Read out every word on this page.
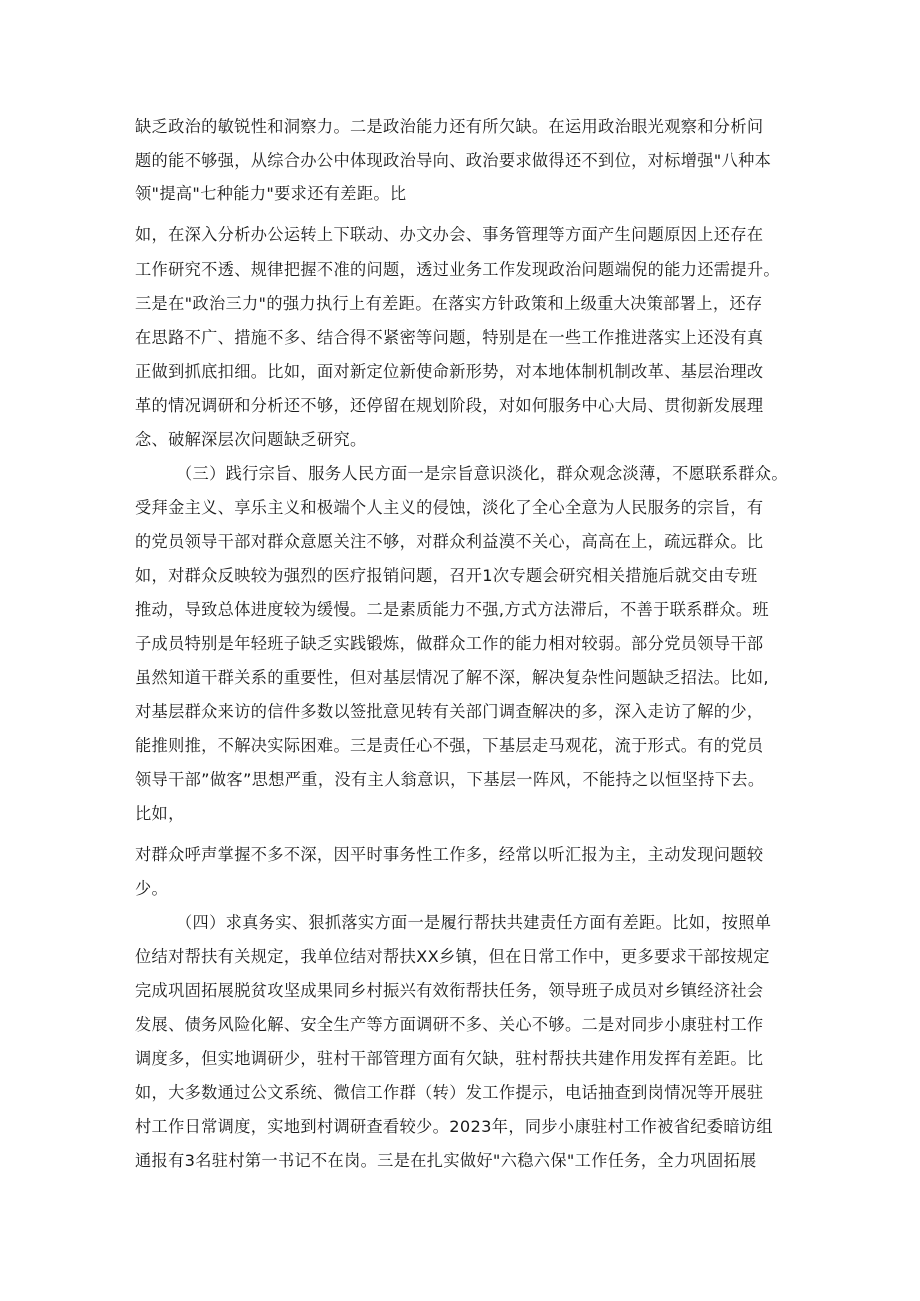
缺乏政治的敏锐性和洞察力。二是政治能力还有所欠缺。在运用政治眼光观察和分析问
题的能不够强，从综合办公中体现政治导向、政治要求做得还不到位，对标增强"八种本
领"提高"七种能力"要求还有差距。比
如，在深入分析办公运转上下联动、办文办会、事务管理等方面产生问题原因上还存在
工作研究不透、规律把握不准的问题，透过业务工作发现政治问题端倪的能力还需提升。
三是在"政治三力"的强力执行上有差距。在落实方针政策和上级重大决策部署上，还存
在思路不广、措施不多、结合得不紧密等问题，特别是在一些工作推进落实上还没有真
正做到抓底扣细。比如，面对新定位新使命新形势，对本地体制机制改革、基层治理改
革的情况调研和分析还不够，还停留在规划阶段，对如何服务中心大局、贯彻新发展理
念、破解深层次问题缺乏研究。
（三）践行宗旨、服务人民方面一是宗旨意识淡化，群众观念淡薄，不愿联系群众。
受拜金主义、享乐主义和极端个人主义的侵蚀，淡化了全心全意为人民服务的宗旨，有
的党员领导干部对群众意愿关注不够，对群众利益漠不关心，高高在上，疏远群众。比
如，对群众反映较为强烈的医疗报销问题，召开1次专题会研究相关措施后就交由专班
推动，导致总体进度较为缓慢。二是素质能力不强,方式方法滞后，不善于联系群众。班
子成员特别是年轻班子缺乏实践锻炼，做群众工作的能力相对较弱。部分党员领导干部
虽然知道干群关系的重要性，但对基层情况了解不深，解决复杂性问题缺乏招法。比如,
对基层群众来访的信件多数以签批意见转有关部门调查解决的多，深入走访了解的少，
能推则推，不解决实际困难。三是责任心不强，下基层走马观花，流于形式。有的党员
领导干部”做客”思想严重，没有主人翁意识，下基层一阵风，不能持之以恒坚持下去。
比如，
对群众呼声掌握不多不深，因平时事务性工作多，经常以听汇报为主，主动发现问题较
少。
（四）求真务实、狠抓落实方面一是履行帮扶共建责任方面有差距。比如，按照单
位结对帮扶有关规定，我单位结对帮扶XX乡镇，但在日常工作中，更多要求干部按规定
完成巩固拓展脱贫攻坚成果同乡村振兴有效衔帮扶任务，领导班子成员对乡镇经济社会
发展、债务风险化解、安全生产等方面调研不多、关心不够。二是对同步小康驻村工作
调度多，但实地调研少，驻村干部管理方面有欠缺，驻村帮扶共建作用发挥有差距。比
如，大多数通过公文系统、微信工作群（转）发工作提示，电话抽查到岗情况等开展驻
村工作日常调度，实地到村调研查看较少。2023年，同步小康驻村工作被省纪委暗访组
通报有3名驻村第一书记不在岗。三是在扎实做好"六稳六保"工作任务，全力巩固拓展
